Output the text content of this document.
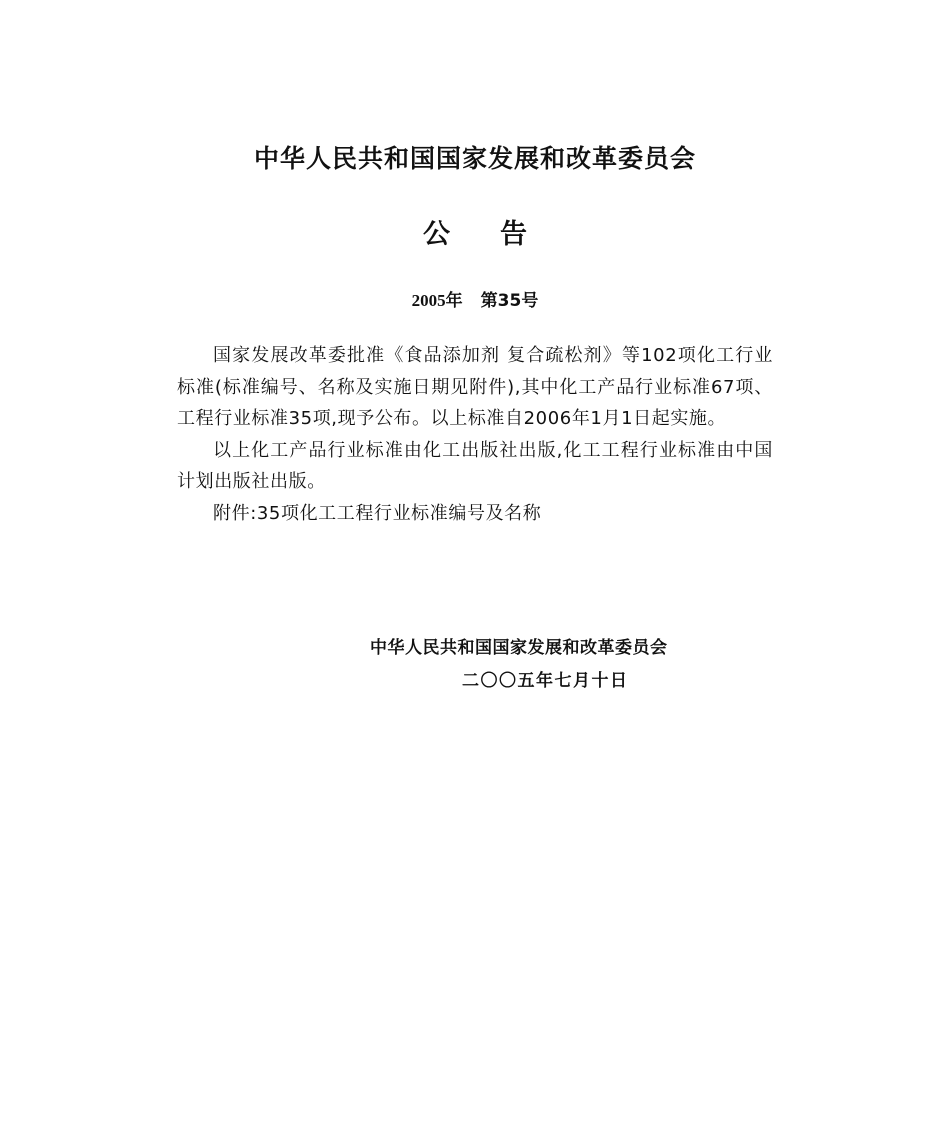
中华人民共和国国家发展和改革委员会
公告
2005年 第35号

国家发展改革委批准《食品添加剂 复合疏松剂》等102项化工行业标准(标准编号、名称及实施日期见附件),其中化工产品行业标准67项、工程行业标准35项,现予公布。以上标准自2006年1月1日起实施。

以上化工产品行业标准由化工出版社出版,化工工程行业标准由中国计划出版社出版。

附件:35项化工工程行业标准编号及名称

中华人民共和国国家发展和改革委员会
二〇〇五年七月十日
